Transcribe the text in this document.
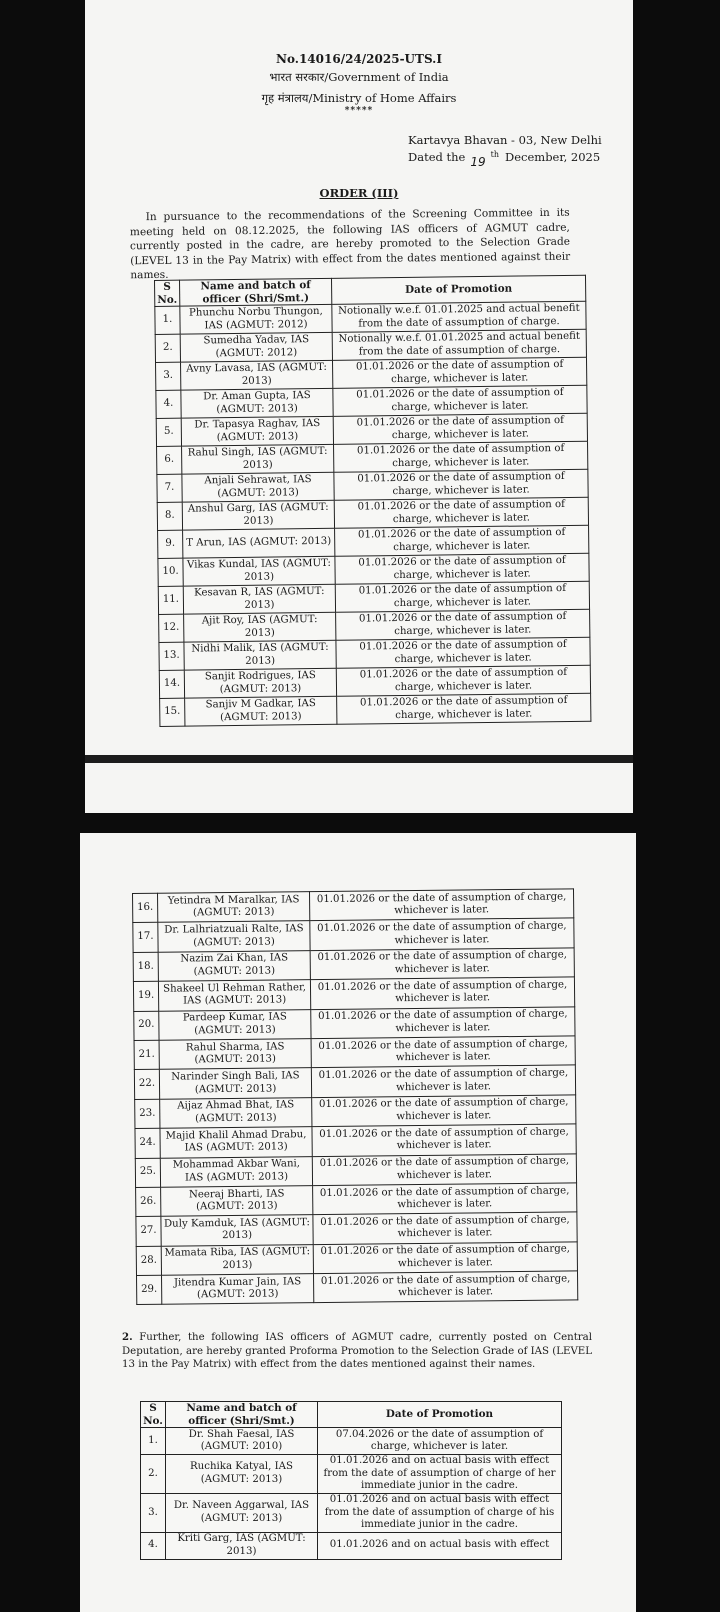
No.14016/24/2025-UTS.I
भारत सरकार/Government of India
गृह मंत्रालय/Ministry of Home Affairs
*****
Kartavya Bhavan - 03, New Delhi
Dated the 19th December, 2025
ORDER (III)

In pursuance to the recommendations of the Screening Committee in its meeting held on 08.12.2025, the following IAS officers of AGMUT cadre, currently posted in the cadre, are hereby promoted to the Selection Grade (LEVEL 13 in the Pay Matrix) with effect from the dates mentioned against their names.

S No.	Name and batch of officer (Shri/Smt.)	Date of Promotion
1.	Phunchu Norbu Thungon, IAS (AGMUT: 2012)	Notionally w.e.f. 01.01.2025 and actual benefit from the date of assumption of charge.
2.	Sumedha Yadav, IAS (AGMUT: 2012)	Notionally w.e.f. 01.01.2025 and actual benefit from the date of assumption of charge.
3.	Avny Lavasa, IAS (AGMUT: 2013)	01.01.2026 or the date of assumption of charge, whichever is later.
4.	Dr. Aman Gupta, IAS (AGMUT: 2013)	01.01.2026 or the date of assumption of charge, whichever is later.
5.	Dr. Tapasya Raghav, IAS (AGMUT: 2013)	01.01.2026 or the date of assumption of charge, whichever is later.
6.	Rahul Singh, IAS (AGMUT: 2013)	01.01.2026 or the date of assumption of charge, whichever is later.
7.	Anjali Sehrawat, IAS (AGMUT: 2013)	01.01.2026 or the date of assumption of charge, whichever is later.
8.	Anshul Garg, IAS (AGMUT: 2013)	01.01.2026 or the date of assumption of charge, whichever is later.
9.	T Arun, IAS (AGMUT: 2013)	01.01.2026 or the date of assumption of charge, whichever is later.
10.	Vikas Kundal, IAS (AGMUT: 2013)	01.01.2026 or the date of assumption of charge, whichever is later.
11.	Kesavan R, IAS (AGMUT: 2013)	01.01.2026 or the date of assumption of charge, whichever is later.
12.	Ajit Roy, IAS (AGMUT: 2013)	01.01.2026 or the date of assumption of charge, whichever is later.
13.	Nidhi Malik, IAS (AGMUT: 2013)	01.01.2026 or the date of assumption of charge, whichever is later.
14.	Sanjit Rodrigues, IAS (AGMUT: 2013)	01.01.2026 or the date of assumption of charge, whichever is later.
15.	Sanjiv M Gadkar, IAS (AGMUT: 2013)	01.01.2026 or the date of assumption of charge, whichever is later.
16.	Yetindra M Maralkar, IAS (AGMUT: 2013)	01.01.2026 or the date of assumption of charge, whichever is later.
17.	Dr. Lalhriatzuali Ralte, IAS (AGMUT: 2013)	01.01.2026 or the date of assumption of charge, whichever is later.
18.	Nazim Zai Khan, IAS (AGMUT: 2013)	01.01.2026 or the date of assumption of charge, whichever is later.
19.	Shakeel Ul Rehman Rather, IAS (AGMUT: 2013)	01.01.2026 or the date of assumption of charge, whichever is later.
20.	Pardeep Kumar, IAS (AGMUT: 2013)	01.01.2026 or the date of assumption of charge, whichever is later.
21.	Rahul Sharma, IAS (AGMUT: 2013)	01.01.2026 or the date of assumption of charge, whichever is later.
22.	Narinder Singh Bali, IAS (AGMUT: 2013)	01.01.2026 or the date of assumption of charge, whichever is later.
23.	Aijaz Ahmad Bhat, IAS (AGMUT: 2013)	01.01.2026 or the date of assumption of charge, whichever is later.
24.	Majid Khalil Ahmad Drabu, IAS (AGMUT: 2013)	01.01.2026 or the date of assumption of charge, whichever is later.
25.	Mohammad Akbar Wani, IAS (AGMUT: 2013)	01.01.2026 or the date of assumption of charge, whichever is later.
26.	Neeraj Bharti, IAS (AGMUT: 2013)	01.01.2026 or the date of assumption of charge, whichever is later.
27.	Duly Kamduk, IAS (AGMUT: 2013)	01.01.2026 or the date of assumption of charge, whichever is later.
28.	Mamata Riba, IAS (AGMUT: 2013)	01.01.2026 or the date of assumption of charge, whichever is later.
29.	Jitendra Kumar Jain, IAS (AGMUT: 2013)	01.01.2026 or the date of assumption of charge, whichever is later.

2. Further, the following IAS officers of AGMUT cadre, currently posted on Central Deputation, are hereby granted Proforma Promotion to the Selection Grade of IAS (LEVEL 13 in the Pay Matrix) with effect from the dates mentioned against their names.

S No.	Name and batch of officer (Shri/Smt.)	Date of Promotion
1.	Dr. Shah Faesal, IAS (AGMUT: 2010)	07.04.2026 or the date of assumption of charge, whichever is later.
2.	Ruchika Katyal, IAS (AGMUT: 2013)	01.01.2026 and on actual basis with effect from the date of assumption of charge of her immediate junior in the cadre.
3.	Dr. Naveen Aggarwal, IAS (AGMUT: 2013)	01.01.2026 and on actual basis with effect from the date of assumption of charge of his immediate junior in the cadre.
4.	Kriti Garg, IAS (AGMUT: 2013)	01.01.2026 and on actual basis with effect
